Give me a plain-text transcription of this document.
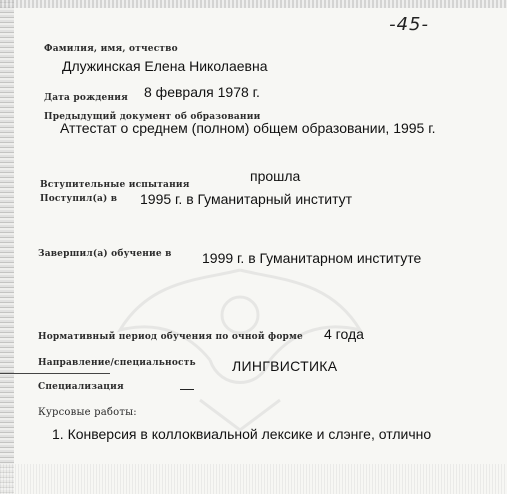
-45-
Фамилия, имя, отчество
Длужинская Елена Николаевна
Дата рождения 8 февраля 1978 г.
Предыдущий документ об образовании
Аттестат о среднем (полном) общем образовании, 1995 г.
прошла
Вступительные испытания
Поступил(а) в 1995 г. в Гуманитарный институт
Завершил(а) обучение в 1999 г. в Гуманитарном институте
Нормативный период обучения по очной форме 4 года
Направление/специальность	ЛИНГВИСТИКА
Специализация	—
Курсовые работы:
1. Конверсия в коллоквиальной лексике и слэнге, отлично
